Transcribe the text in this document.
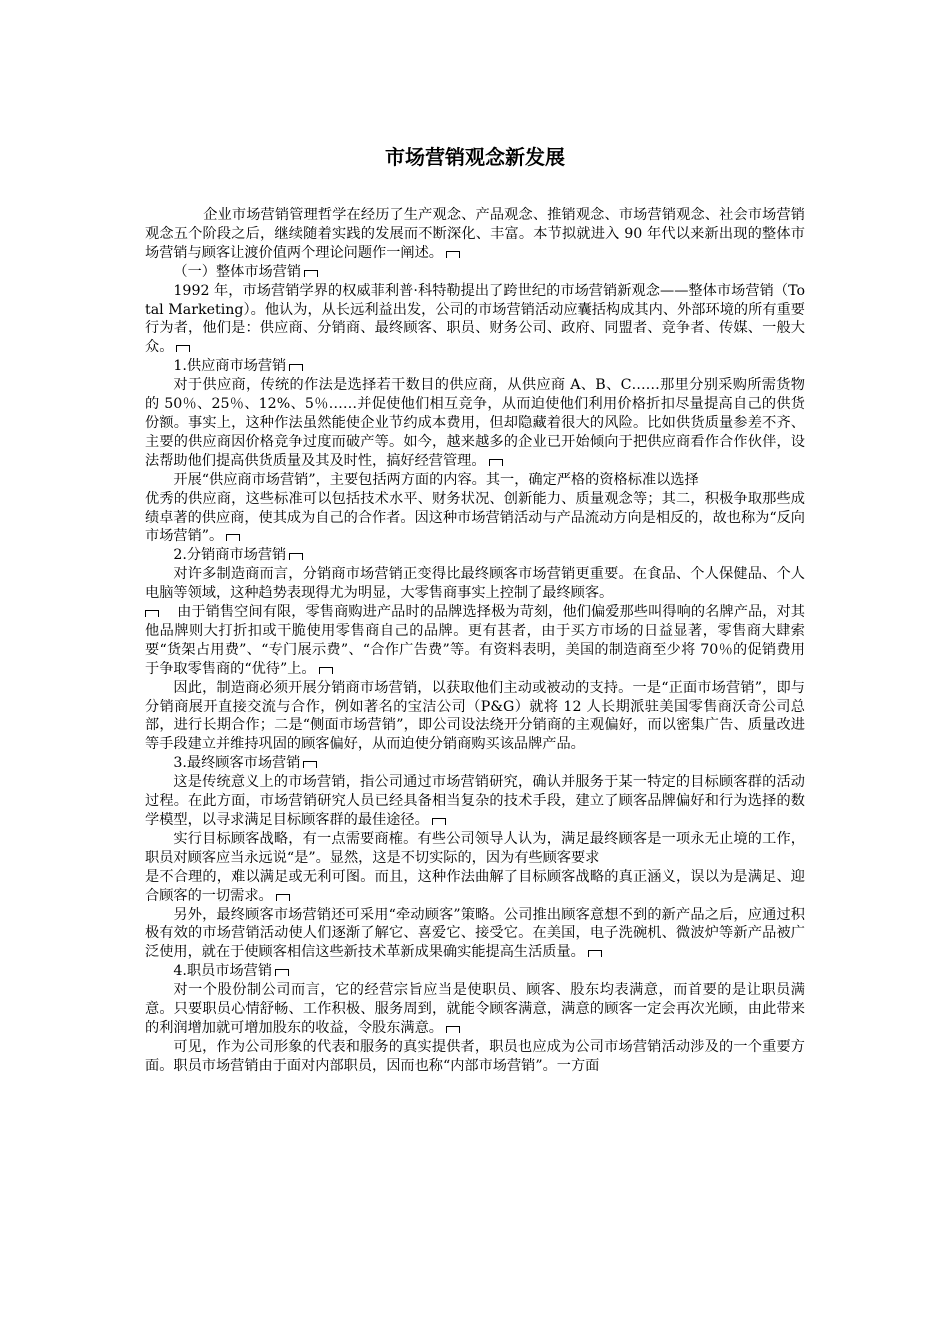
市场营销观念新发展

企业市场营销管理哲学在经历了生产观念、产品观念、推销观念、市场营销观念、社会市场营销观念五个阶段之后，继续随着实践的发展而不断深化、丰富。本节拟就进入 90 年代以来新出现的整体市场营销与顾客让渡价值两个理论问题作一阐述。

（一）整体市场营销

1992 年，市场营销学界的权威菲利普·科特勒提出了跨世纪的市场营销新观念——整体市场营销（Total Marketing）。他认为，从长远利益出发，公司的市场营销活动应囊括构成其内、外部环境的所有重要行为者，他们是：供应商、分销商、最终顾客、职员、财务公司、政府、同盟者、竞争者、传媒、一般大众。

1.供应商市场营销

对于供应商，传统的作法是选择若干数目的供应商，从供应商 A、B、C……那里分别采购所需货物的 50％、25％、12%、5％……并促使他们相互竞争，从而迫使他们利用价格折扣尽量提高自己的供货份额。事实上，这种作法虽然能使企业节约成本费用，但却隐藏着很大的风险。比如供货质量参差不齐、主要的供应商因价格竞争过度而破产等。如今，越来越多的企业已开始倾向于把供应商看作合作伙伴，设法帮助他们提高供货质量及其及时性，搞好经营管理。

开展“供应商市场营销”，主要包括两方面的内容。其一，确定严格的资格标准以选择

优秀的供应商，这些标准可以包括技术水平、财务状况、创新能力、质量观念等；其二，积极争取那些成绩卓著的供应商，使其成为自己的合作者。因这种市场营销活动与产品流动方向是相反的，故也称为“反向市场营销”。

2.分销商市场营销

对许多制造商而言，分销商市场营销正变得比最终顾客市场营销更重要。在食品、个人保健品、个人电脑等领域，这种趋势表现得尤为明显，大零售商事实上控制了最终顾客。

由于销售空间有限，零售商购进产品时的品牌选择极为苛刻，他们偏爱那些叫得响的名牌产品，对其他品牌则大打折扣或干脆使用零售商自己的品牌。更有甚者，由于买方市场的日益显著，零售商大肆索要“货架占用费”、“专门展示费”、“合作广告费”等。有资料表明，美国的制造商至少将 70％的促销费用于争取零售商的“优待”上。

因此，制造商必须开展分销商市场营销，以获取他们主动或被动的支持。一是“正面市场营销”，即与分销商展开直接交流与合作，例如著名的宝洁公司（P&G）就将 12 人长期派驻美国零售商沃奇公司总部，进行长期合作；二是“侧面市场营销”，即公司设法绕开分销商的主观偏好，而以密集广告、质量改进等手段建立并维持巩固的顾客偏好，从而迫使分销商购买该品牌产品。

3.最终顾客市场营销

这是传统意义上的市场营销，指公司通过市场营销研究，确认并服务于某一特定的目标顾客群的活动过程。在此方面，市场营销研究人员已经具备相当复杂的技术手段，建立了顾客品牌偏好和行为选择的数学模型，以寻求满足目标顾客群的最佳途径。

实行目标顾客战略，有一点需要商榷。有些公司领导人认为，满足最终顾客是一项永无止境的工作，职员对顾客应当永远说“是”。显然，这是不切实际的，因为有些顾客要求

是不合理的，难以满足或无利可图。而且，这种作法曲解了目标顾客战略的真正涵义，误以为是满足、迎合顾客的一切需求。

另外，最终顾客市场营销还可采用“牵动顾客”策略。公司推出顾客意想不到的新产品之后，应通过积极有效的市场营销活动使人们逐渐了解它、喜爱它、接受它。在美国，电子洗碗机、微波炉等新产品被广泛使用，就在于使顾客相信这些新技术革新成果确实能提高生活质量。

4.职员市场营销

对一个股份制公司而言，它的经营宗旨应当是使职员、顾客、股东均表满意，而首要的是让职员满意。只要职员心情舒畅、工作积极、服务周到，就能令顾客满意，满意的顾客一定会再次光顾，由此带来的利润增加就可增加股东的收益，令股东满意。

可见，作为公司形象的代表和服务的真实提供者，职员也应成为公司市场营销活动涉及的一个重要方面。职员市场营销由于面对内部职员，因而也称“内部市场营销”。一方面
